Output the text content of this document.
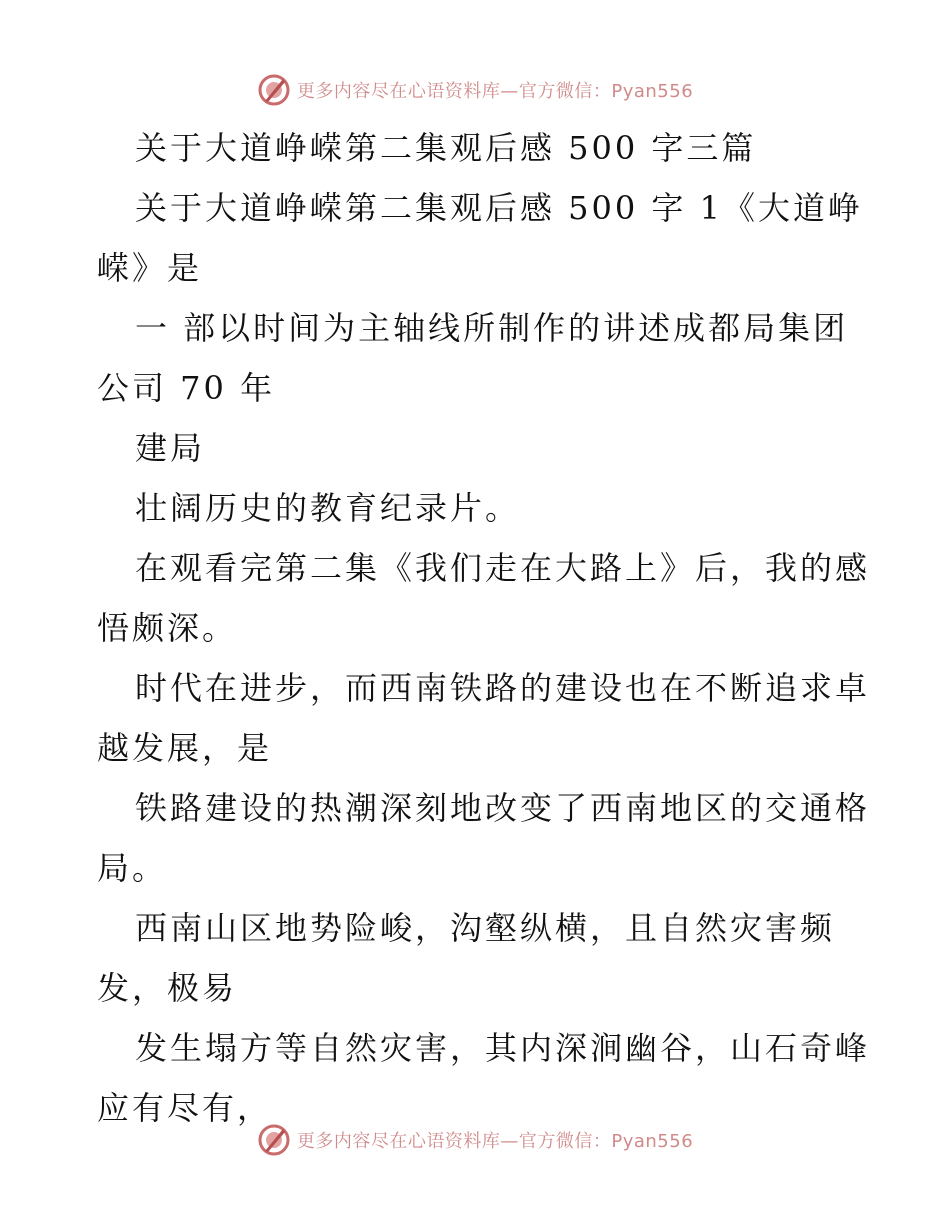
更多内容尽在心语资料库—官方微信：Pyan556

关于大道峥嵘第二集观后感 500 字三篇

关于大道峥嵘第二集观后感 500 字 1《大道峥

嵘》是

一 部以时间为主轴线所制作的讲述成都局集团

公司 70 年

建局

壮阔历史的教育纪录片。

在观看完第二集《我们走在大路上》后，我的感

悟颇深。

时代在进步，而西南铁路的建设也在不断追求卓

越发展，是

铁路建设的热潮深刻地改变了西南地区的交通格

局。

西南山区地势险峻，沟壑纵横，且自然灾害频

发，极易

发生塌方等自然灾害，其内深涧幽谷，山石奇峰

应有尽有，

更多内容尽在心语资料库—官方微信：Pyan556
